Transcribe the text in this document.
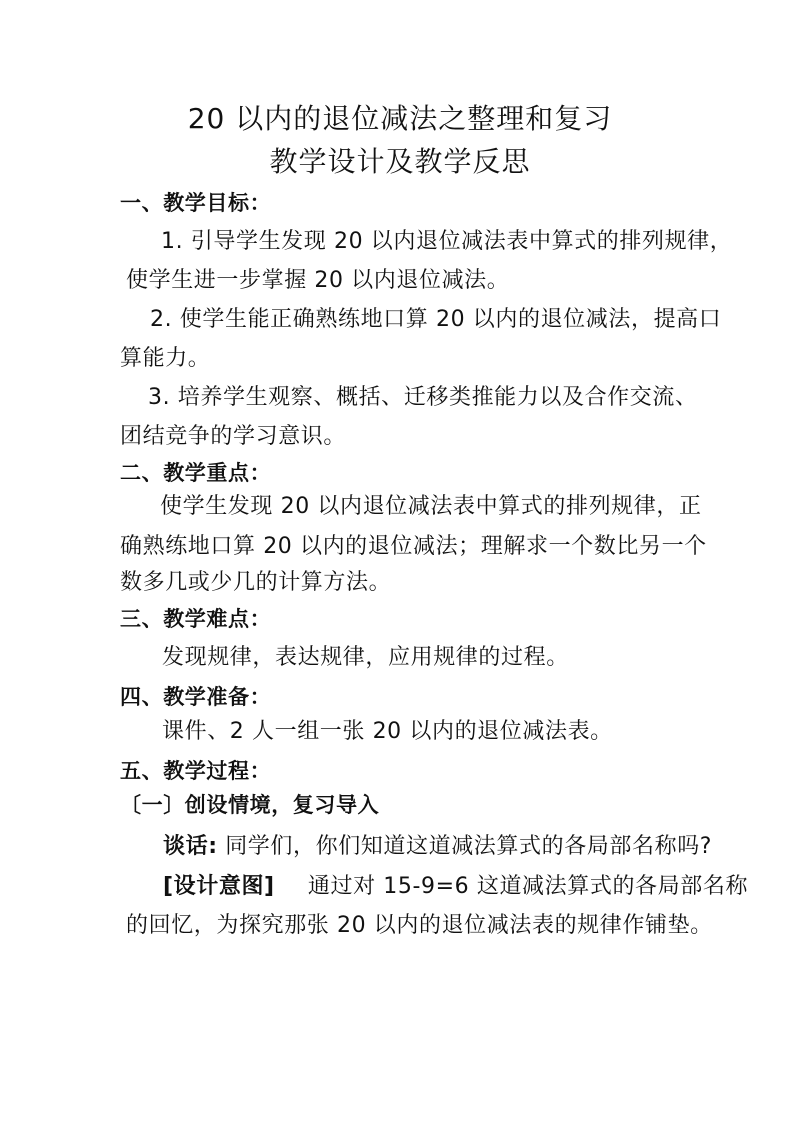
20 以内的退位减法之整理和复习
教学设计及教学反思
一、教学目标：
1. 引导学生发现 20 以内退位减法表中算式的排列规律，
使学生进一步掌握 20 以内退位减法。
2. 使学生能正确熟练地口算 20 以内的退位减法，提高口
算能力。
3. 培养学生观察、概括、迁移类推能力以及合作交流、
团结竞争的学习意识。
二、教学重点：
使学生发现 20 以内退位减法表中算式的排列规律，正
确熟练地口算 20 以内的退位减法；理解求一个数比另一个
数多几或少几的计算方法。
三、教学难点：
发现规律，表达规律，应用规律的过程。
四、教学准备：
课件、2 人一组一张 20 以内的退位减法表。
五、教学过程：
〔一〕创设情境，复习导入
谈话: 同学们，你们知道这道减法算式的各局部名称吗?
[设计意图] 通过对 15-9=6 这道减法算式的各局部名称
的回忆，为探究那张 20 以内的退位减法表的规律作铺垫。
